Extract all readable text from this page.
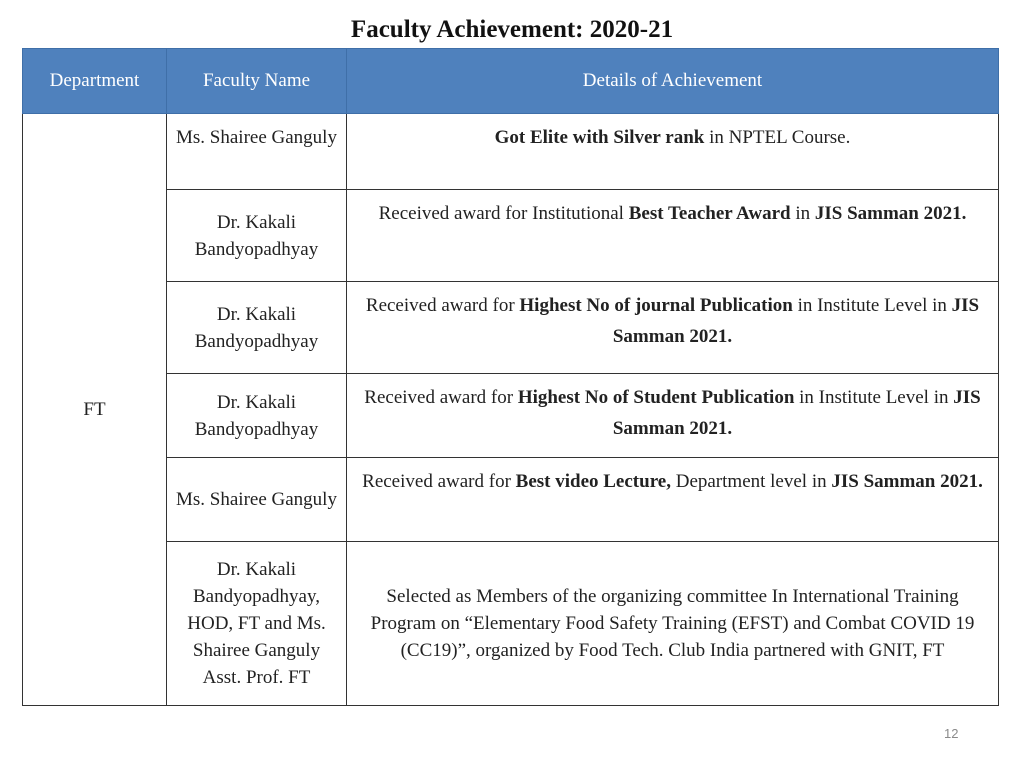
Faculty Achievement: 2020-21
Department	Faculty Name	Details of Achievement
FT	Ms. Shairee Ganguly	Got Elite with Silver rank in NPTEL Course.
	Dr. Kakali Bandyopadhyay	Received award for Institutional Best Teacher Award in JIS Samman 2021.
	Dr. Kakali Bandyopadhyay	Received award for Highest No of journal Publication in Institute Level in JIS Samman 2021.
	Dr. Kakali Bandyopadhyay	Received award for Highest No of Student Publication in Institute Level in JIS Samman 2021.
	Ms. Shairee Ganguly	Received award for Best video Lecture, Department level in JIS Samman 2021.
	Dr. Kakali Bandyopadhyay, HOD, FT and Ms. Shairee Ganguly Asst. Prof. FT	Selected as Members of the organizing committee In International Training Program on “Elementary Food Safety Training (EFST) and Combat COVID 19 (CC19)”, organized by Food Tech. Club India partnered with GNIT, FT
12
